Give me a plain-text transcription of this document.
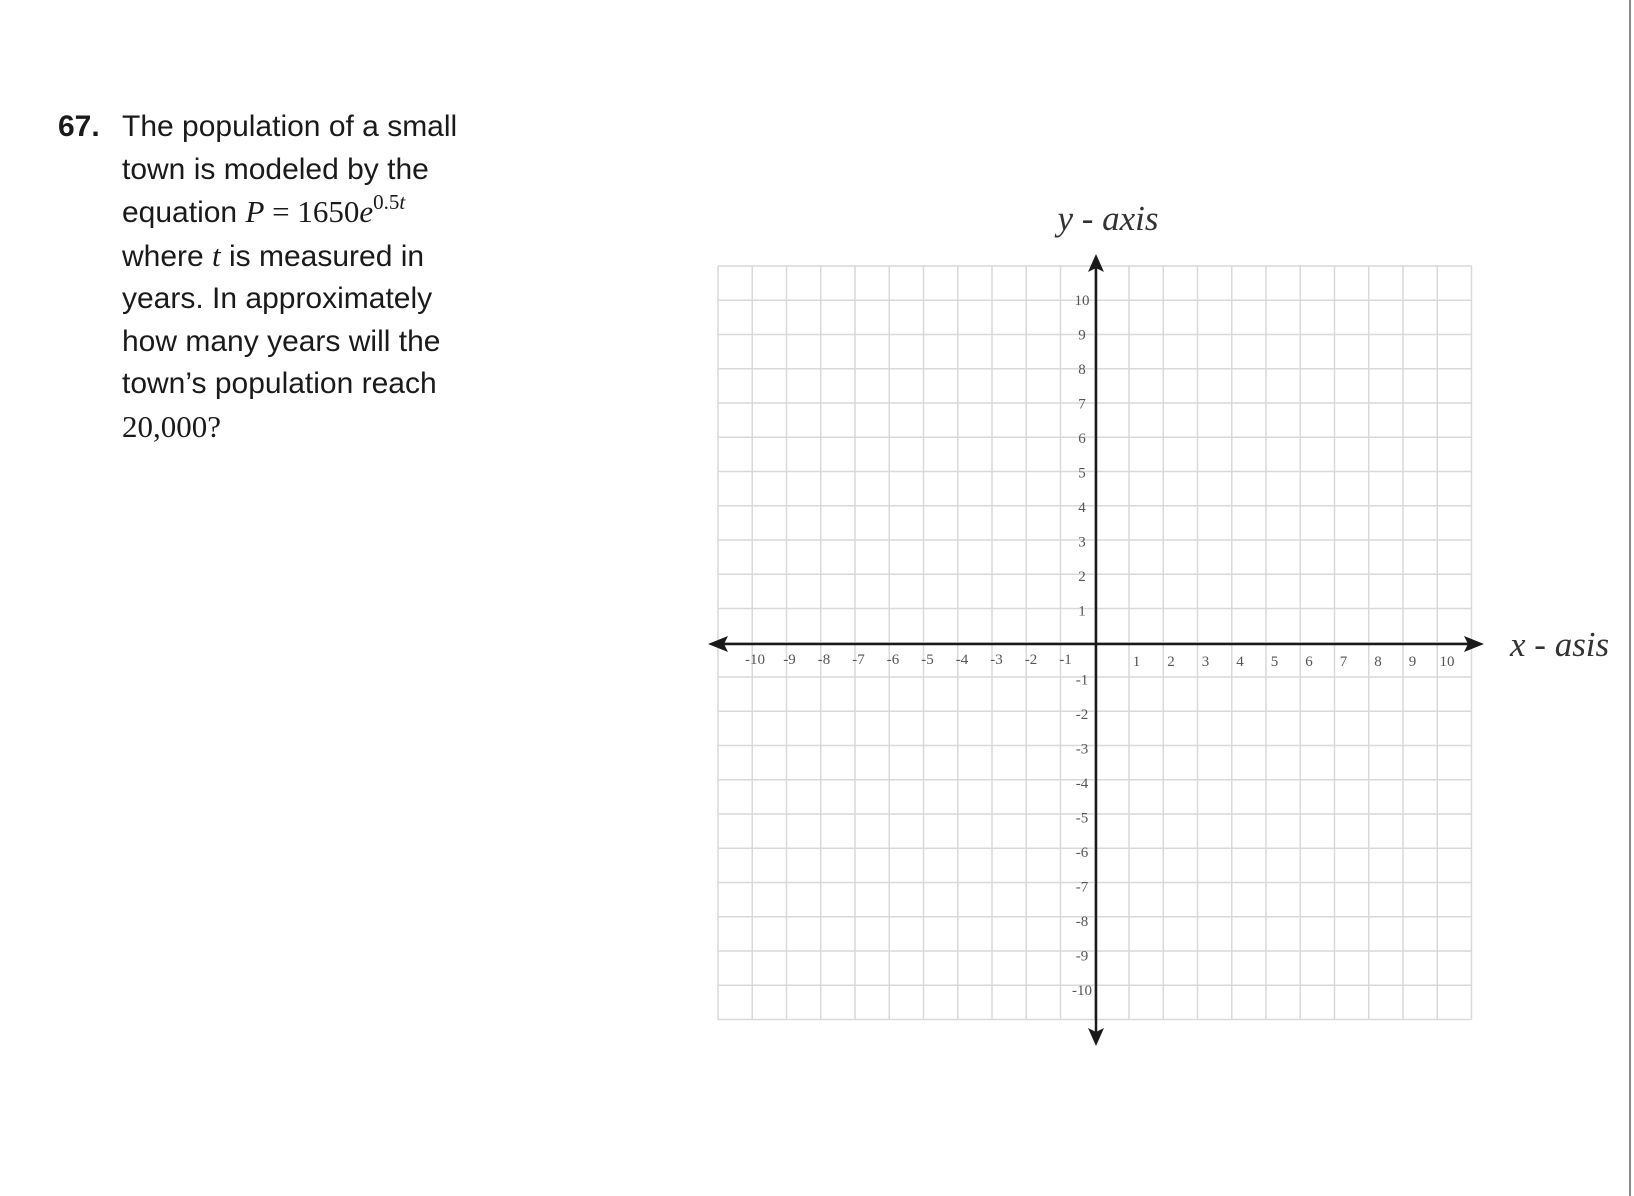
67. The population of a small
town is modeled by the
equation $P = 1650e^{0.5t}$
where t is measured in
years. In approximately
how many years will the
town’s population reach
20,000?
-10 -9 -8 -7 -6 -5 -4 -3 -2 -1	1 2 3 4 5 6 7 8 9 10
10
9
8
7
6
5
4
3
2
1
-1
-2
-3
-4
-5
-6
-7
-8
-9
-10
y - axis
x - asis
